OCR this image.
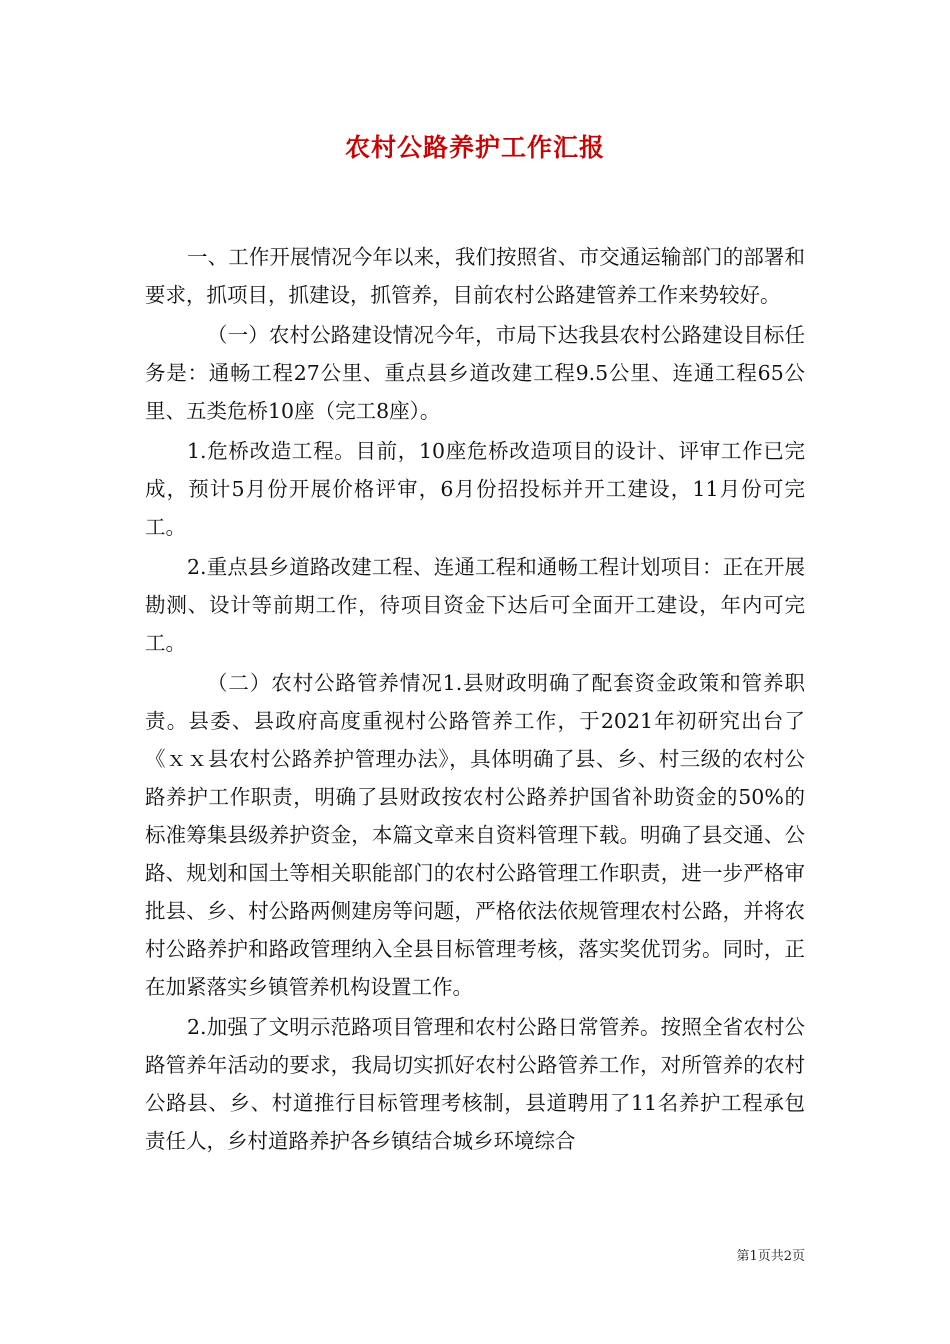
农村公路养护工作汇报

一、工作开展情况今年以来，我们按照省、市交通运输部门的部署和要求，抓项目，抓建设，抓管养，目前农村公路建管养工作来势较好。

（一）农村公路建设情况今年，市局下达我县农村公路建设目标任务是：通畅工程27公里、重点县乡道改建工程9.5公里、连通工程65公里、五类危桥10座（完工8座）。

1.危桥改造工程。目前，10座危桥改造项目的设计、评审工作已完成，预计5月份开展价格评审，6月份招投标并开工建设，11月份可完工。

2.重点县乡道路改建工程、连通工程和通畅工程计划项目：正在开展勘测、设计等前期工作，待项目资金下达后可全面开工建设，年内可完工。

（二）农村公路管养情况1.县财政明确了配套资金政策和管养职责。县委、县政府高度重视村公路管养工作，于2021年初研究出台了《ｘｘ县农村公路养护管理办法》，具体明确了县、乡、村三级的农村公路养护工作职责，明确了县财政按农村公路养护国省补助资金的50%的标准筹集县级养护资金，本篇文章来自资料管理下载。明确了县交通、公路、规划和国土等相关职能部门的农村公路管理工作职责，进一步严格审批县、乡、村公路两侧建房等问题，严格依法依规管理农村公路，并将农村公路养护和路政管理纳入全县目标管理考核，落实奖优罚劣。同时，正在加紧落实乡镇管养机构设置工作。

2.加强了文明示范路项目管理和农村公路日常管养。按照全省农村公路管养年活动的要求，我局切实抓好农村公路管养工作，对所管养的农村公路县、乡、村道推行目标管理考核制，县道聘用了11名养护工程承包责任人，乡村道路养护各乡镇结合城乡环境综合

第1页共2页
